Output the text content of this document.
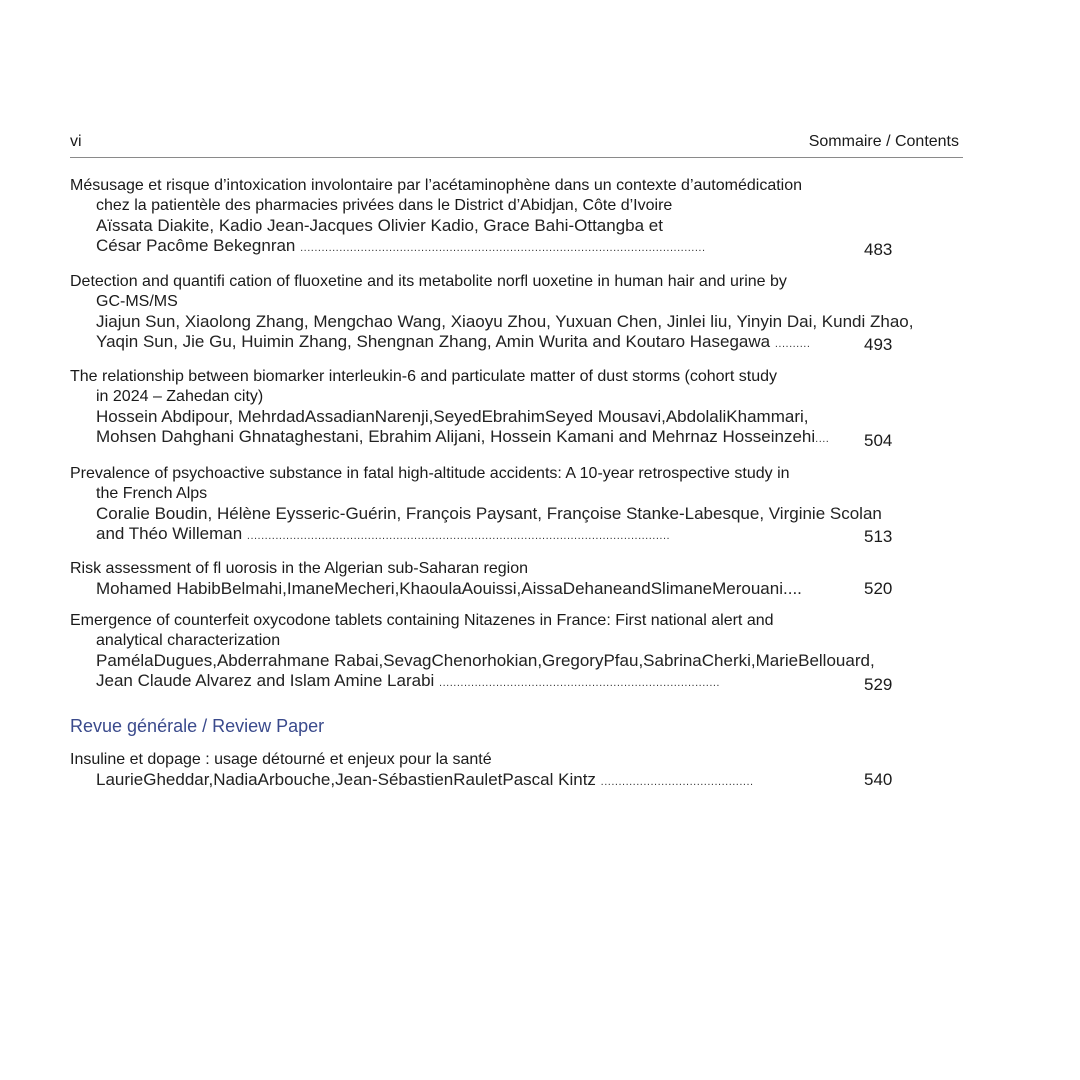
vi	Sommaire / Contents
Mésusage et risque d’intoxication involontaire par l’acétaminophène dans un contexte d’automédication
chez la patientèle des pharmacies privées dans le District d’Abidjan, Côte d’Ivoire
Aïssata Diakite, Kadio Jean-Jacques Olivier Kadio, Grace Bahi-Ottangba et
César Pacôme Bekegnran ..................................................................................................................	483
Detection and quantifi cation of fluoxetine and its metabolite norfl uoxetine in human hair and urine by
GC-MS/MS
Jiajun Sun, Xiaolong Zhang, Mengchao Wang, Xiaoyu Zhou, Yuxuan Chen, Jinlei liu, Yinyin Dai, Kundi Zhao,
Yaqin Sun, Jie Gu, Huimin Zhang, Shengnan Zhang, Amin Wurita and Koutaro Hasegawa ..........	493
The relationship between biomarker interleukin-6 and particulate matter of dust storms (cohort study
in 2024 – Zahedan city)
Hossein Abdipour, MehrdadAssadianNarenji,SeyedEbrahimSeyed Mousavi,AbdolaliKhammari,
Mohsen Dahghani Ghnataghestani, Ebrahim Alijani, Hossein Kamani and Mehrnaz Hosseinzehi....	504
Prevalence of psychoactive substance in fatal high-altitude accidents: A 10-year retrospective study in
the French Alps
Coralie Boudin, Hélène Eysseric-Guérin, François Paysant, Françoise Stanke-Labesque, Virginie Scolan
and Théo Willeman .......................................................................................................................	513
Risk assessment of fl uorosis in the Algerian sub-Saharan region
Mohamed HabibBelmahi,ImaneMecheri,KhaoulaAouissi,AissaDehaneandSlimaneMerouani....	520
Emergence of counterfeit oxycodone tablets containing Nitazenes in France: First national alert and
analytical characterization
PamélaDugues,Abderrahmane Rabai,SevagChenorhokian,GregoryPfau,SabrinaCherki,MarieBellouard,
Jean Claude Alvarez and Islam Amine Larabi ...............................................................................	529
Revue générale / Review Paper
Insuline et dopage : usage détourné et enjeux pour la santé
LaurieGheddar,NadiaArbouche,Jean-SébastienRauletPascal Kintz ...........................................	540
